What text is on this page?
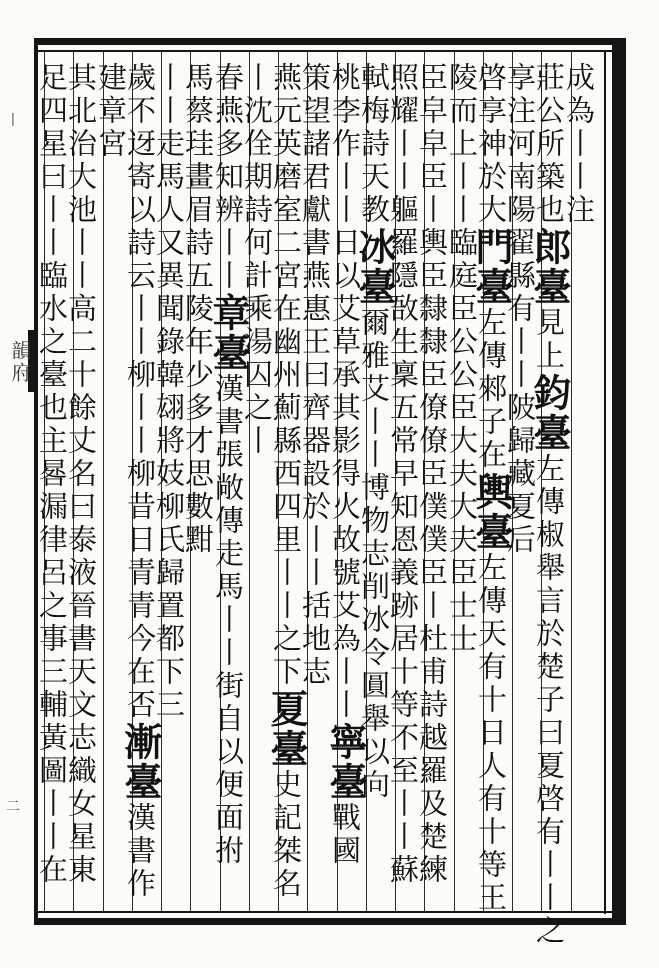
丨
韻府
二
成為丨丨注
莊公所築也郎臺見上鈞臺左傳椒舉言於楚子曰夏啓有丨丨之
享注河南陽翟縣有丨丨陂歸藏夏后
啓享神於大門臺左傳郲子在輿臺左傳天有十日人有十等王
陵而上丨丨臨庭臣公公臣大夫大夫臣士士
臣皁皁臣丨輿臣隸隸臣僚僚臣僕僕臣丨杜甫詩越羅及楚練
照耀丨丨軀羅隱敔生稟五常早知恩義跡居十等不至丨丨蘇
軾梅詩天教冰臺爾雅艾丨丨博物志削冰令圓舉以向
桃李作丨丨日以艾草承其影得火故號艾為丨丨寧臺戰國
策望諸君獻書燕惠王曰齊器設於丨丨括地志
燕元英磨室二宮在幽州薊縣西四里丨丨之下夏臺史記桀名
丨沈佺期詩何計乘湯囚之丨
春燕多知辨丨丨章臺漢書張敞傳走馬丨丨街自以便面拊
馬蔡珪畫眉詩五陵年少多才思數黚
丨丨走馬人又異聞錄韓翃將妓柳氏歸置都下三
歲不迓寄以詩云丨丨柳丨丨柳昔日青青今在否漸臺漢書作
建章宮
其北治大池丨丨高二十餘丈名曰泰液晉書天文志織女星東
足四星曰丨丨臨水之臺也主晷漏律呂之事三輔黃圖丨丨在
